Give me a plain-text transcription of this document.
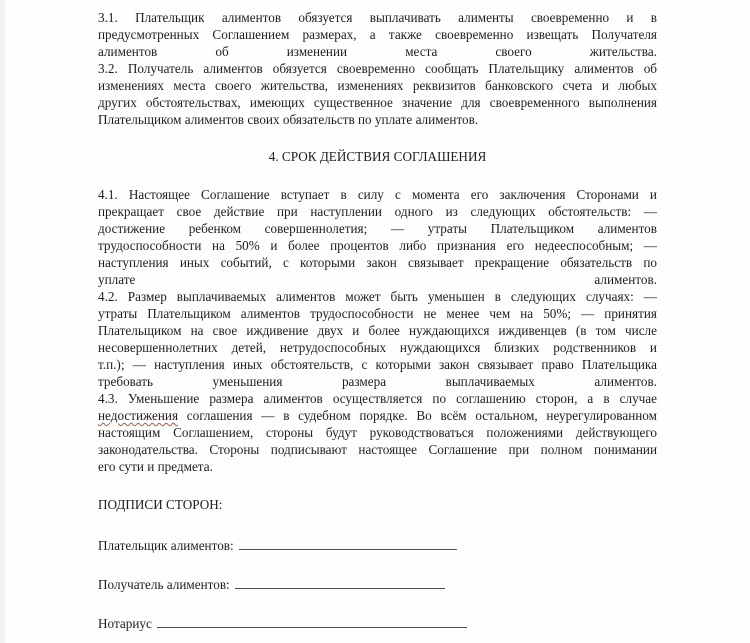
3.1. Плательщик алиментов обязуется выплачивать алименты своевременно и в
предусмотренных Соглашением размерах, а также своевременно извещать Получателя
алиментов об изменении места своего жительства.
3.2. Получатель алиментов обязуется своевременно сообщать Плательщику алиментов об
изменениях места своего жительства, изменениях реквизитов банковского счета и любых
других обстоятельствах, имеющих существенное значение для своевременного выполнения
Плательщиком алиментов своих обязательств по уплате алиментов.
4. СРОК ДЕЙСТВИЯ СОГЛАШЕНИЯ
4.1. Настоящее Соглашение вступает в силу с момента его заключения Сторонами и
прекращает свое действие при наступлении одного из следующих обстоятельств: —
достижение ребенком совершеннолетия; — утраты Плательщиком алиментов
трудоспособности на 50% и более процентов либо признания его недееспособным; —
наступления иных событий, с которыми закон связывает прекращение обязательств по
уплате алиментов.
4.2. Размер выплачиваемых алиментов может быть уменьшен в следующих случаях: —
утраты Плательщиком алиментов трудоспособности не менее чем на 50%; — принятия
Плательщиком на свое иждивение двух и более нуждающихся иждивенцев (в том числе
несовершеннолетних детей, нетрудоспособных нуждающихся близких родственников и
т.п.); — наступления иных обстоятельств, с которыми закон связывает право Плательщика
требовать уменьшения размера выплачиваемых алиментов.
4.3. Уменьшение размера алиментов осуществляется по соглашению сторон, а в случае
недостижения соглашения — в судебном порядке. Во всём остальном, неурегулированном
настоящим Соглашением, стороны будут руководствоваться положениями действующего
законодательства. Стороны подписывают настоящее Соглашение при полном понимании
его сути и предмета.
ПОДПИСИ СТОРОН:
Плательщик алиментов:
Получатель алиментов:
Нотариус
